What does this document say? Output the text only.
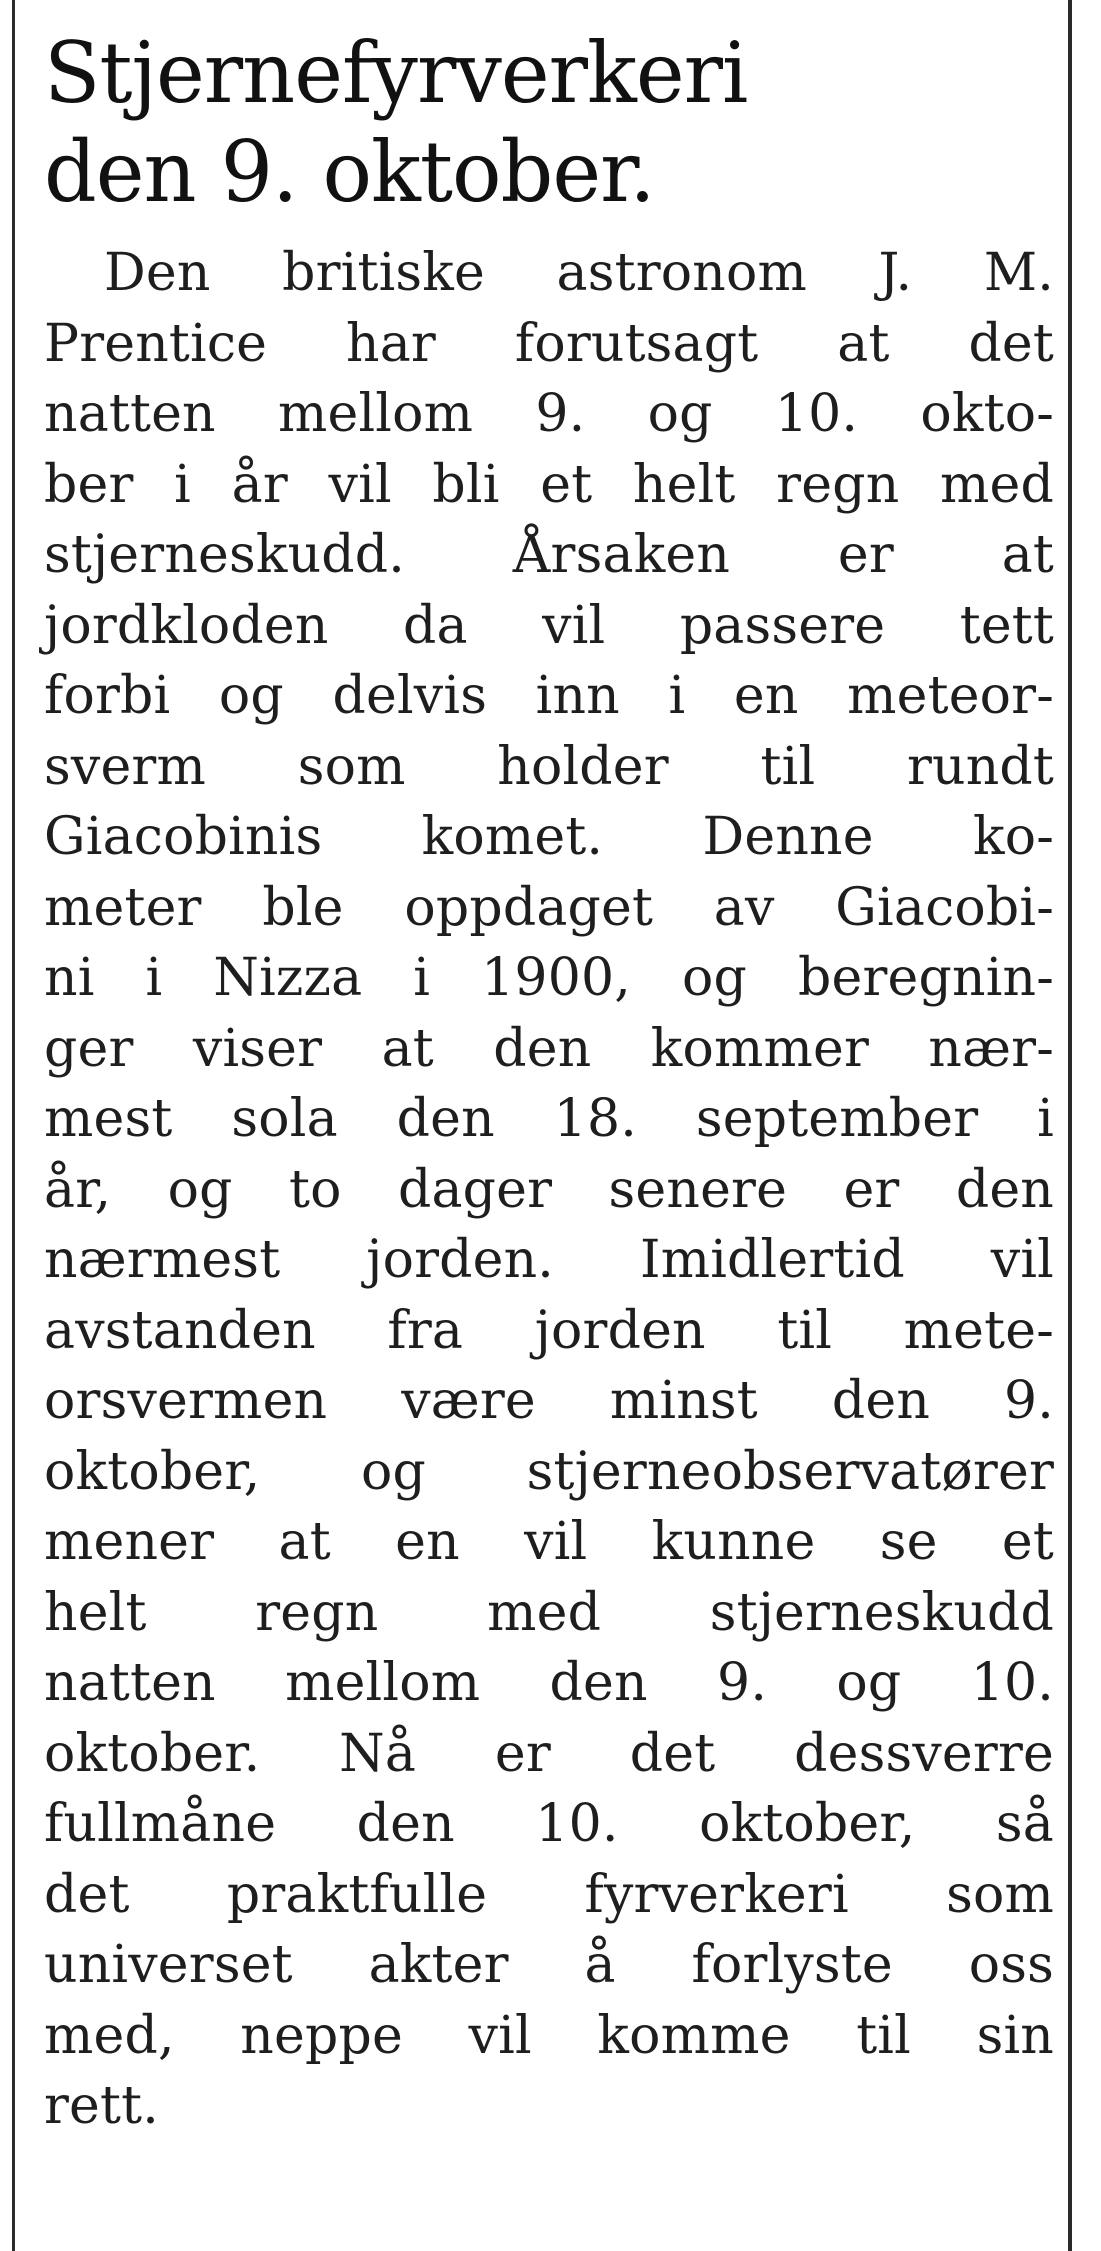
Stjernefyrverkeri
den 9. oktober.
Den britiske astronom J. M.
Prentice har forutsagt at det
natten mellom 9. og 10. okto-
ber i år vil bli et helt regn med
stjerneskudd. Årsaken er at
jordkloden da vil passere tett
forbi og delvis inn i en meteor-
sverm som holder til rundt
Giacobinis komet. Denne ko-
meter ble oppdaget av Giacobi-
ni i Nizza i 1900, og beregnin-
ger viser at den kommer nær-
mest sola den 18. september i
år, og to dager senere er den
nærmest jorden. Imidlertid vil
avstanden fra jorden til mete-
orsvermen være minst den 9.
oktober, og stjerneobservatører
mener at en vil kunne se et
helt regn med stjerneskudd
natten mellom den 9. og 10.
oktober. Nå er det dessverre
fullmåne den 10. oktober, så
det praktfulle fyrverkeri som
universet akter å forlyste oss
med, neppe vil komme til sin
rett.
